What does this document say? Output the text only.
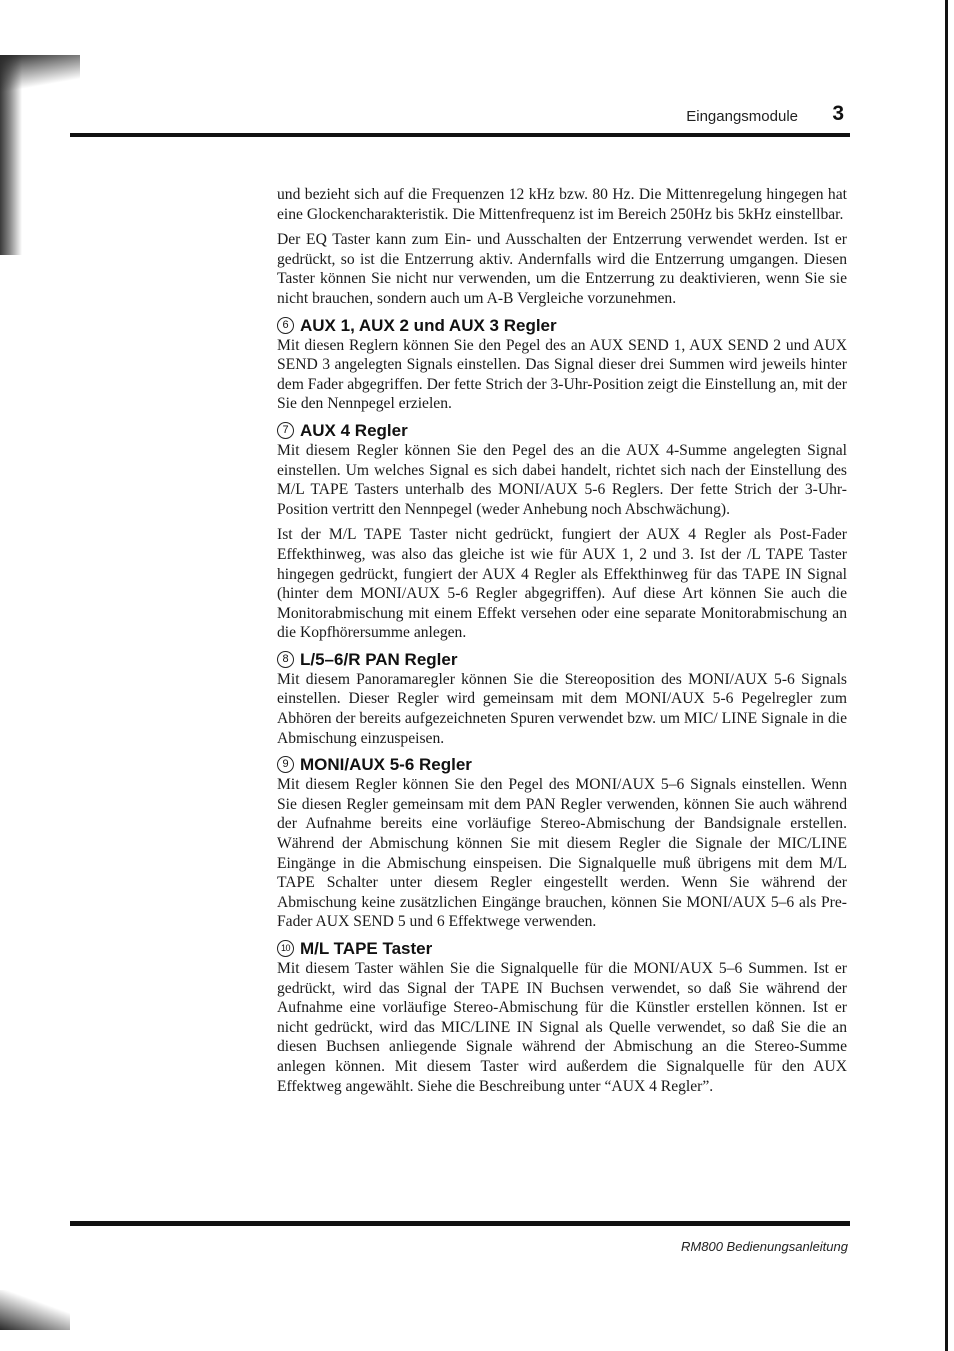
Eingangsmodule 3

und bezieht sich auf die Frequenzen 12 kHz bzw. 80 Hz. Die Mittenregelung hingegen hat eine Glockencharakteristik. Die Mittenfrequenz ist im Bereich 250Hz bis 5kHz einstellbar.

Der EQ Taster kann zum Ein- und Ausschalten der Entzerrung verwendet werden. Ist er gedrückt, so ist die Entzerrung aktiv. Andernfalls wird die Entzerrung umgangen. Diesen Taster können Sie nicht nur verwenden, um die Entzerrung zu deaktivieren, wenn Sie sie nicht brauchen, sondern auch um A-B Vergleiche vorzunehmen.

6 AUX 1, AUX 2 und AUX 3 Regler

Mit diesen Reglern können Sie den Pegel des an AUX SEND 1, AUX SEND 2 und AUX SEND 3 angelegten Signals einstellen. Das Signal dieser drei Summen wird jeweils hinter dem Fader abgegriffen. Der fette Strich der 3-Uhr-Position zeigt die Einstellung an, mit der Sie den Nennpegel erzielen.

7 AUX 4 Regler

Mit diesem Regler können Sie den Pegel des an die AUX 4-Summe angelegten Signal einstellen. Um welches Signal es sich dabei handelt, richtet sich nach der Einstellung des M/L TAPE Tasters unterhalb des MONI/AUX 5-6 Reglers. Der fette Strich der 3-Uhr-Position vertritt den Nennpegel (weder Anhebung noch Abschwächung).

Ist der M/L TAPE Taster nicht gedrückt, fungiert der AUX 4 Regler als Post-Fader Effekthinweg, was also das gleiche ist wie für AUX 1, 2 und 3. Ist der /L TAPE Taster hingegen gedrückt, fungiert der AUX 4 Regler als Effekthinweg für das TAPE IN Signal (hinter dem MONI/AUX 5-6 Regler abgegriffen). Auf diese Art können Sie auch die Monitorabmischung mit einem Effekt versehen oder eine separate Monitorabmischung an die Kopfhörersumme anlegen.

8 L/5–6/R PAN Regler

Mit diesem Panoramaregler können Sie die Stereoposition des MONI/AUX 5-6 Signals einstellen. Dieser Regler wird gemeinsam mit dem MONI/AUX 5-6 Pegelregler zum Abhören der bereits aufgezeichneten Spuren verwendet bzw. um MIC/ LINE Signale in die Abmischung einzuspeisen.

9 MONI/AUX 5-6 Regler

Mit diesem Regler können Sie den Pegel des MONI/AUX 5–6 Signals einstellen. Wenn Sie diesen Regler gemeinsam mit dem PAN Regler verwenden, können Sie auch während der Aufnahme bereits eine vorläufige Stereo-Abmischung der Bandsignale erstellen. Während der Abmischung können Sie mit diesem Regler die Signale der MIC/LINE Eingänge in die Abmischung einspeisen. Die Signalquelle muß übrigens mit dem M/L TAPE Schalter unter diesem Regler eingestellt werden. Wenn Sie während der Abmischung keine zusätzlichen Eingänge brauchen, können Sie MONI/AUX 5–6 als Pre-Fader AUX SEND 5 und 6 Effektwege verwenden.

10 M/L TAPE Taster

Mit diesem Taster wählen Sie die Signalquelle für die MONI/AUX 5–6 Summen. Ist er gedrückt, wird das Signal der TAPE IN Buchsen verwendet, so daß Sie während der Aufnahme eine vorläufige Stereo-Abmischung für die Künstler erstellen können. Ist er nicht gedrückt, wird das MIC/LINE IN Signal als Quelle verwendet, so daß Sie die an diesen Buchsen anliegende Signale während der Abmischung an die Stereo-Summe anlegen können. Mit diesem Taster wird außerdem die Signalquelle für den AUX Effektweg angewählt. Siehe die Beschreibung unter “AUX 4 Regler”.

RM800 Bedienungsanleitung
